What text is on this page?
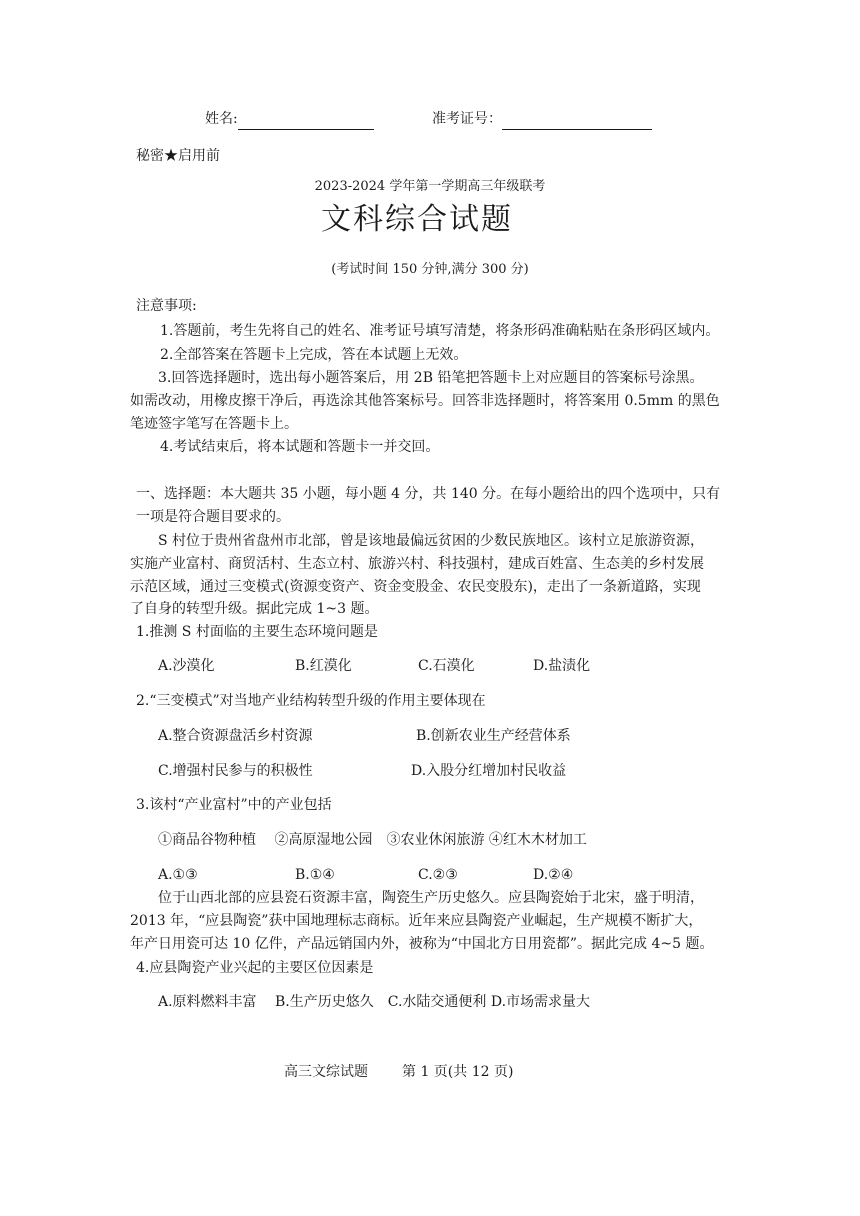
姓名:	准考证号：
秘密★启用前
2023-2024 学年第一学期高三年级联考
文科综合试题
(考试时间 150 分钟,满分 300 分)
注意事项:
1.答题前，考生先将自己的姓名、准考证号填写清楚，将条形码准确粘贴在条形码区域内。
2.全部答案在答题卡上完成，答在本试题上无效。
3.回答选择题时，选出每小题答案后，用 2B 铅笔把答题卡上对应题目的答案标号涂黑。
如需改动，用橡皮擦干净后，再选涂其他答案标号。回答非选择题时，将答案用 0.5mm 的黑色
笔迹签字笔写在答题卡上。
4.考试结束后，将本试题和答题卡一并交回。
一、选择题：本大题共 35 小题，每小题 4 分，共 140 分。在每小题给出的四个选项中，只有
一项是符合题目要求的。
S 村位于贵州省盘州市北部，曾是该地最偏远贫困的少数民族地区。该村立足旅游资源，
实施产业富村、商贸活村、生态立村、旅游兴村、科技强村，建成百姓富、生态美的乡村发展
示范区域，通过三变模式(资源变资产、资金变股金、农民变股东)，走出了一条新道路，实现
了自身的转型升级。据此完成 1~3 题。
1.推测 S 村面临的主要生态环境问题是
A.沙漠化	B.红漠化	C.石漠化	D.盐渍化
2.“三变模式”对当地产业结构转型升级的作用主要体现在
A.整合资源盘活乡村资源	B.创新农业生产经营体系
C.增强村民参与的积极性	D.入股分红增加村民收益
3.该村“产业富村”中的产业包括
①商品谷物种植　 ②高原湿地公园　③农业休闲旅游 ④红木木材加工
A.①③	B.①④	C.②③	D.②④
位于山西北部的应县瓷石资源丰富，陶瓷生产历史悠久。应县陶瓷始于北宋，盛于明清，
2013 年，“应县陶瓷”获中国地理标志商标。近年来应县陶瓷产业崛起，生产规模不断扩大，
年产日用瓷可达 10 亿件，产品远销国内外，被称为“中国北方日用瓷都”。据此完成 4~5 题。
4.应县陶瓷产业兴起的主要区位因素是
A.原料燃料丰富　 B.生产历史悠久　C.水陆交通便利 D.市场需求量大
高三文综试题 第 1 页(共 12 页)
